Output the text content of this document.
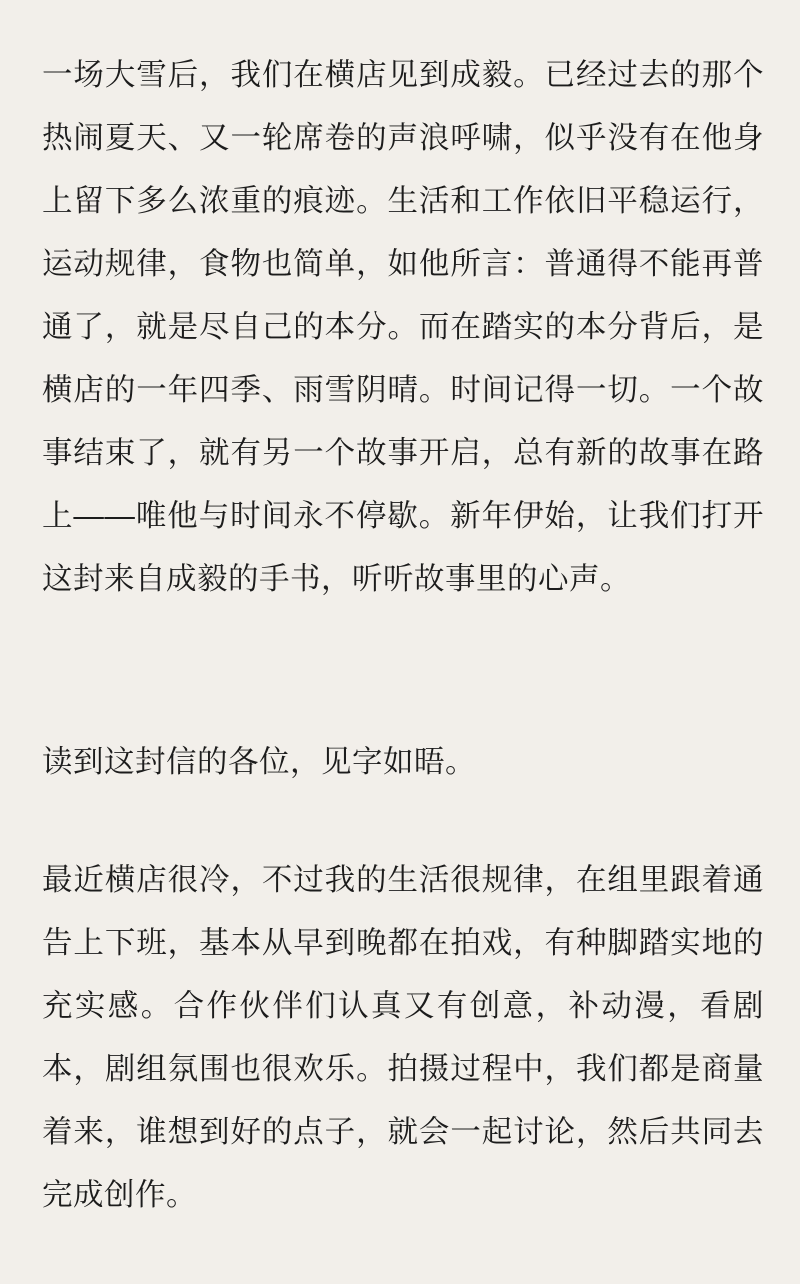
一场大雪后，我们在横店见到成毅。已经过去的那个热闹夏天、又一轮席卷的声浪呼啸，似乎没有在他身上留下多么浓重的痕迹。生活和工作依旧平稳运行，运动规律，食物也简单，如他所言：普通得不能再普通了，就是尽自己的本分。而在踏实的本分背后，是横店的一年四季、雨雪阴晴。时间记得一切。一个故事结束了，就有另一个故事开启，总有新的故事在路上——唯他与时间永不停歇。新年伊始，让我们打开这封来自成毅的手书，听听故事里的心声。

读到这封信的各位，见字如晤。

最近横店很冷，不过我的生活很规律，在组里跟着通告上下班，基本从早到晚都在拍戏，有种脚踏实地的充实感。合作伙伴们认真又有创意，补动漫，看剧本，剧组氛围也很欢乐。拍摄过程中，我们都是商量着来，谁想到好的点子，就会一起讨论，然后共同去完成创作。
